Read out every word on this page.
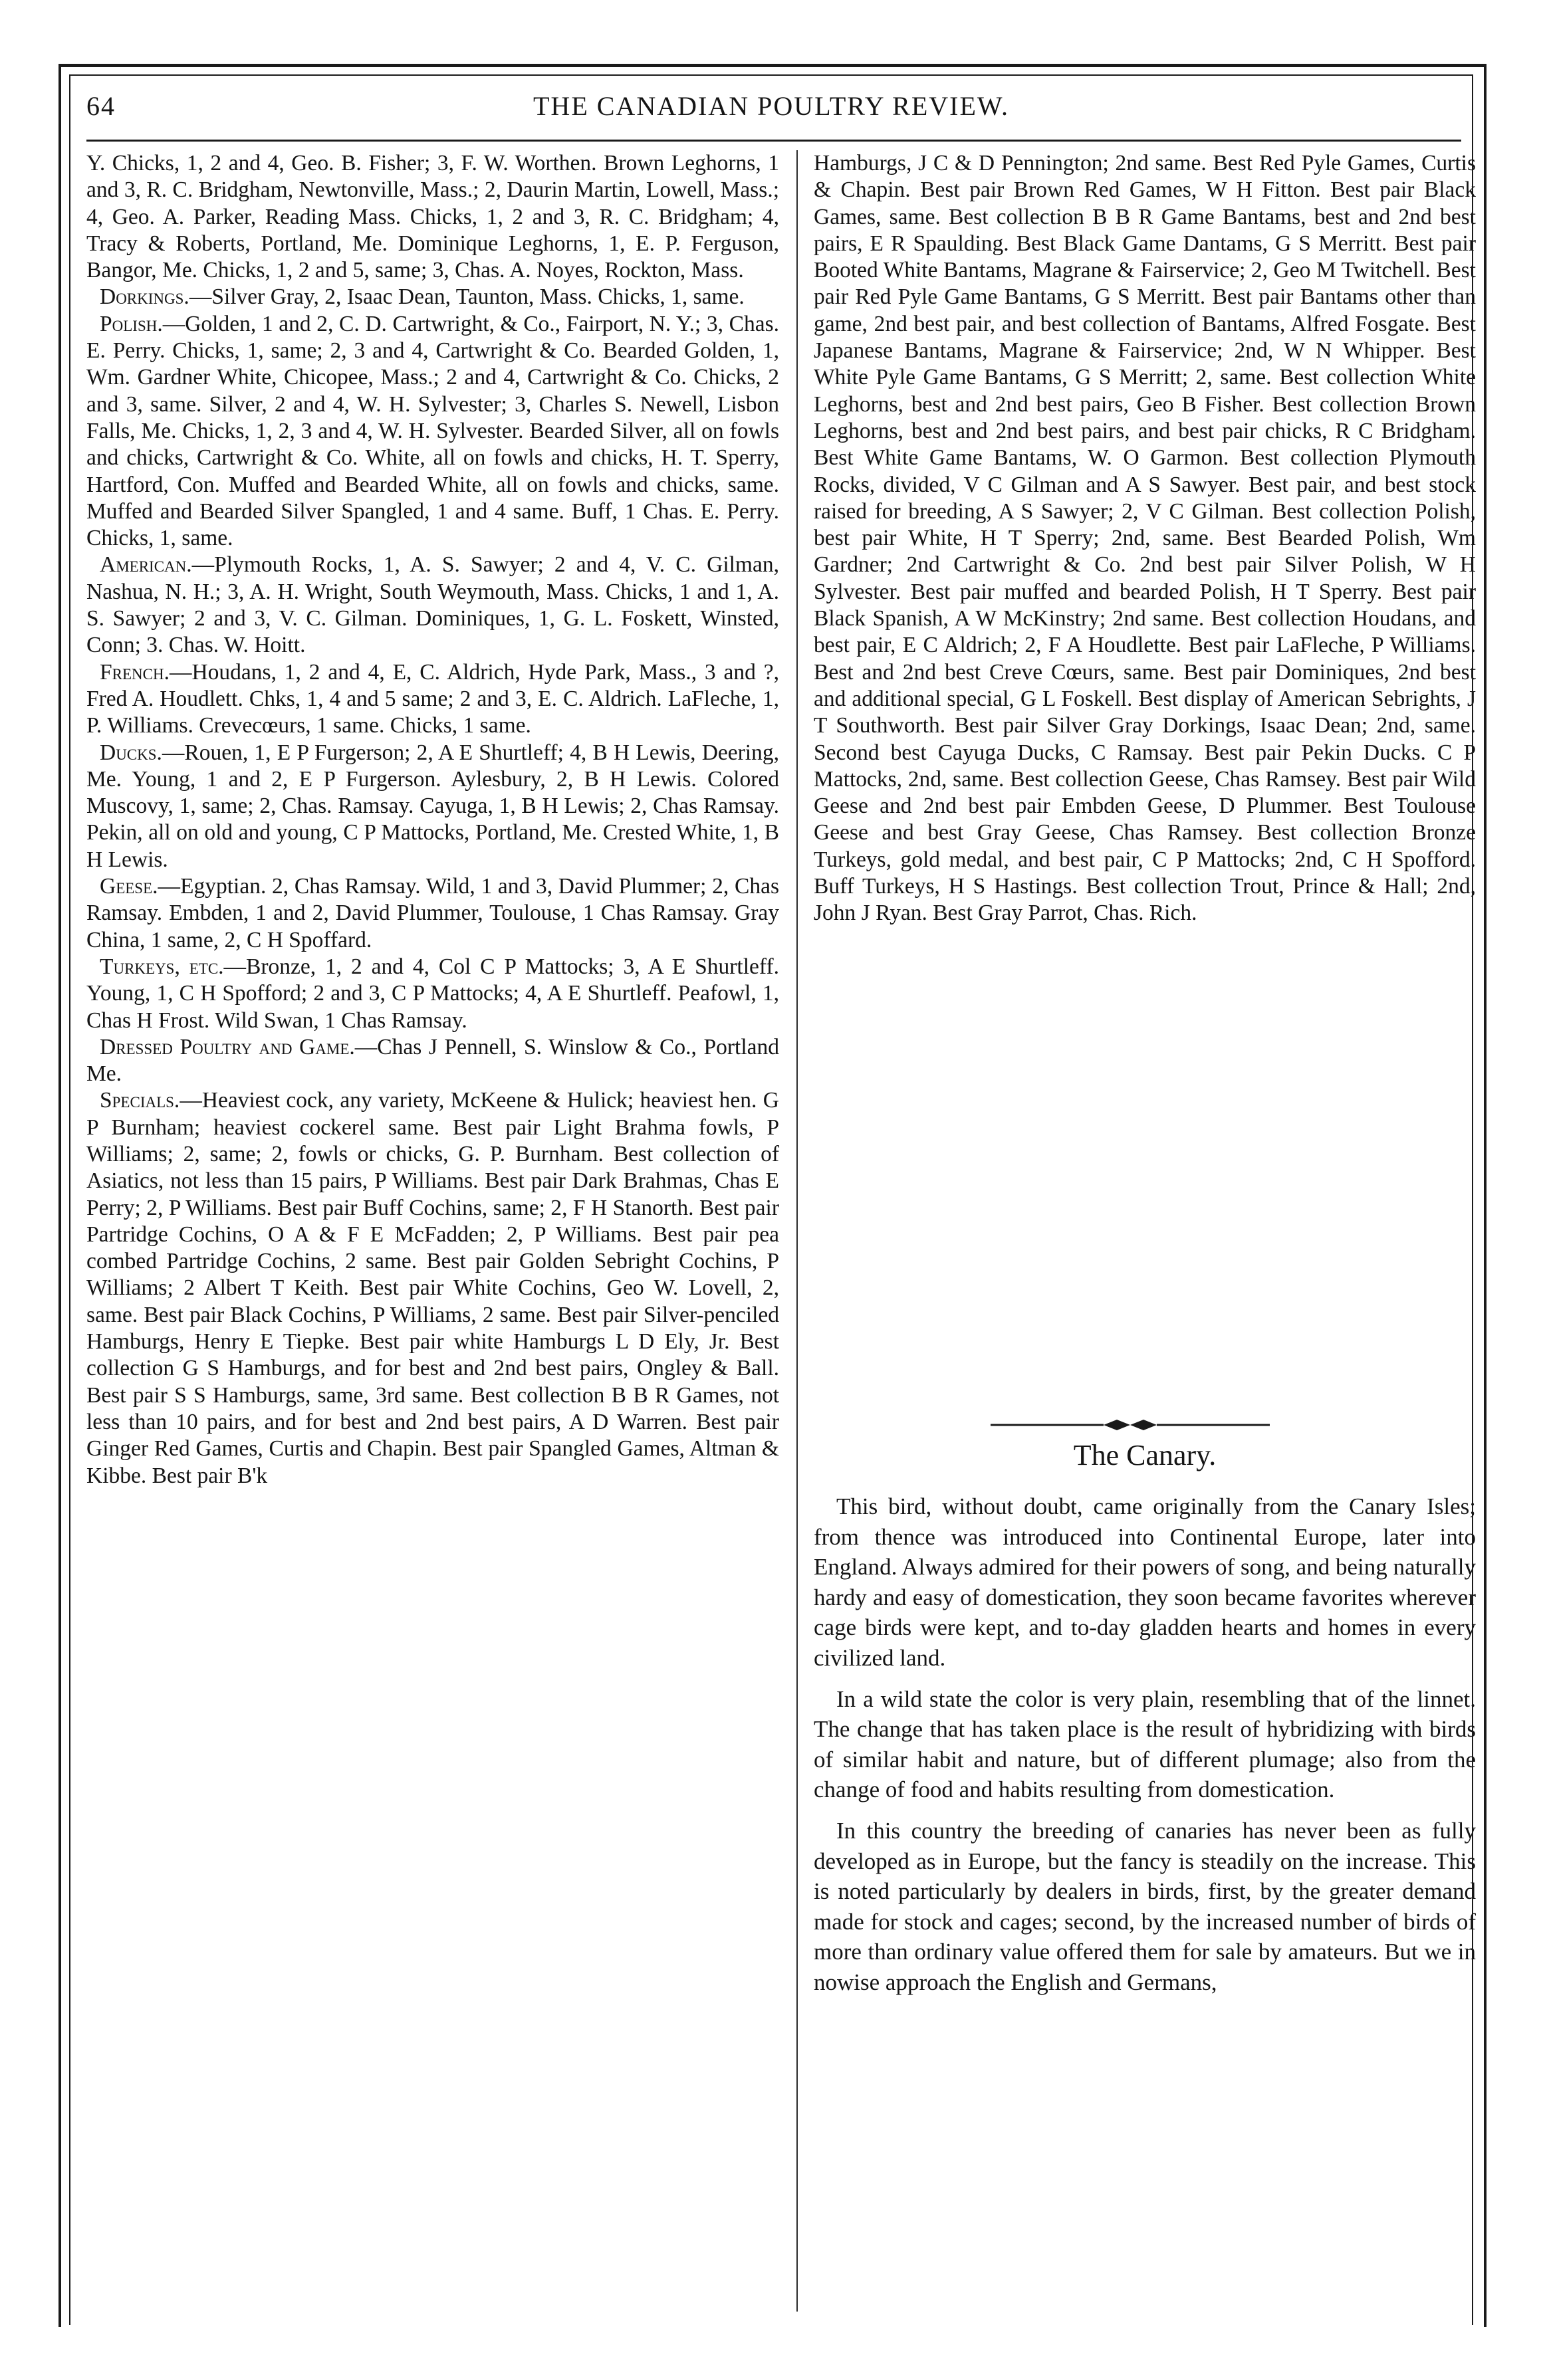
64	THE CANADIAN POULTRY REVIEW.

Y. Chicks, 1, 2 and 4, Geo. B. Fisher; 3, F. W. Worthen. Brown Leghorns, 1 and 3, R. C. Bridgham, Newtonville, Mass.; 2, Daurin Martin, Lowell, Mass.; 4, Geo. A. Parker, Reading Mass. Chicks, 1, 2 and 3, R. C. Bridgham; 4, Tracy & Roberts, Portland, Me. Dominique Leghorns, 1, E. P. Ferguson, Bangor, Me. Chicks, 1, 2 and 5, same; 3, Chas. A. Noyes, Rockton, Mass.

Dorkings.—Silver Gray, 2, Isaac Dean, Taunton, Mass. Chicks, 1, same.

Polish.—Golden, 1 and 2, C. D. Cartwright, & Co., Fairport, N. Y.; 3, Chas. E. Perry. Chicks, 1, same; 2, 3 and 4, Cartwright & Co. Bearded Golden, 1, Wm. Gardner White, Chicopee, Mass.; 2 and 4, Cartwright & Co. Chicks, 2 and 3, same. Silver, 2 and 4, W. H. Sylvester; 3, Charles S. Newell, Lisbon Falls, Me. Chicks, 1, 2, 3 and 4, W. H. Sylvester. Bearded Silver, all on fowls and chicks, Cartwright & Co. White, all on fowls and chicks, H. T. Sperry, Hartford, Con. Muffed and Bearded White, all on fowls and chicks, same. Muffed and Bearded Silver Spangled, 1 and 4 same. Buff, 1 Chas. E. Perry. Chicks, 1, same.

American.—Plymouth Rocks, 1, A. S. Sawyer; 2 and 4, V. C. Gilman, Nashua, N. H.; 3, A. H. Wright, South Weymouth, Mass. Chicks, 1 and 1, A. S. Sawyer; 2 and 3, V. C. Gilman. Dominiques, 1, G. L. Foskett, Winsted, Conn; 3. Chas. W. Hoitt.

French.—Houdans, 1, 2 and 4, E, C. Aldrich, Hyde Park, Mass., 3 and ?, Fred A. Houdlett. Chks, 1, 4 and 5 same; 2 and 3, E. C. Aldrich. LaFleche, 1, P. Williams. Crevecœurs, 1 same. Chicks, 1 same.

Ducks.—Rouen, 1, E P Furgerson; 2, A E Shurtleff; 4, B H Lewis, Deering, Me. Young, 1 and 2, E P Furgerson. Aylesbury, 2, B H Lewis. Colored Muscovy, 1, same; 2, Chas. Ramsay. Cayuga, 1, B H Lewis; 2, Chas Ramsay. Pekin, all on old and young, C P Mattocks, Portland, Me. Crested White, 1, B H Lewis.

Geese.—Egyptian. 2, Chas Ramsay. Wild, 1 and 3, David Plummer; 2, Chas Ramsay. Embden, 1 and 2, David Plummer, Toulouse, 1 Chas Ramsay. Gray China, 1 same, 2, C H Spoffard.

Turkeys, etc.—Bronze, 1, 2 and 4, Col C P Mattocks; 3, A E Shurtleff. Young, 1, C H Spofford; 2 and 3, C P Mattocks; 4, A E Shurtleff. Peafowl, 1, Chas H Frost. Wild Swan, 1 Chas Ramsay.

Dressed Poultry and Game.—Chas J Pennell, S. Winslow & Co., Portland Me.

Specials.—Heaviest cock, any variety, McKeene & Hulick; heaviest hen. G P Burnham; heaviest cockerel same. Best pair Light Brahma fowls, P Williams; 2, same; 2, fowls or chicks, G. P. Burnham. Best collection of Asiatics, not less than 15 pairs, P Williams. Best pair Dark Brahmas, Chas E Perry; 2, P Williams. Best pair Buff Cochins, same; 2, F H Stanorth. Best pair Partridge Cochins, O A & F E McFadden; 2, P Williams. Best pair pea combed Partridge Cochins, 2 same. Best pair Golden Sebright Cochins, P Williams; 2 Albert T Keith. Best pair White Cochins, Geo W. Lovell, 2, same. Best pair Black Cochins, P Williams, 2 same. Best pair Silver-penciled Hamburgs, Henry E Tiepke. Best pair white Hamburgs L D Ely, Jr. Best collection G S Hamburgs, and for best and 2nd best pairs, Ongley & Ball. Best pair S S Hamburgs, same, 3rd same. Best collection B B R Games, not less than 10 pairs, and for best and 2nd best pairs, A D Warren. Best pair Ginger Red Games, Curtis and Chapin. Best pair Spangled Games, Altman & Kibbe. Best pair B'k

Hamburgs, J C & D Pennington; 2nd same. Best Red Pyle Games, Curtis & Chapin. Best pair Brown Red Games, W H Fitton. Best pair Black Games, same. Best collection B B R Game Bantams, best and 2nd best pairs, E R Spaulding. Best Black Game Dantams, G S Merritt. Best pair Booted White Bantams, Magrane & Fairservice; 2, Geo M Twitchell. Best pair Red Pyle Game Bantams, G S Merritt. Best pair Bantams other than game, 2nd best pair, and best collection of Bantams, Alfred Fosgate. Best Japanese Bantams, Magrane & Fairservice; 2nd, W N Whipper. Best White Pyle Game Bantams, G S Merritt; 2, same. Best collection White Leghorns, best and 2nd best pairs, Geo B Fisher. Best collection Brown Leghorns, best and 2nd best pairs, and best pair chicks, R C Bridgham. Best White Game Bantams, W. O Garmon. Best collection Plymouth Rocks, divided, V C Gilman and A S Sawyer. Best pair, and best stock raised for breeding, A S Sawyer; 2, V C Gilman. Best collection Polish, best pair White, H T Sperry; 2nd, same. Best Bearded Polish, Wm Gardner; 2nd Cartwright & Co. 2nd best pair Silver Polish, W H Sylvester. Best pair muffed and bearded Polish, H T Sperry. Best pair Black Spanish, A W McKinstry; 2nd same. Best collection Houdans, and best pair, E C Aldrich; 2, F A Houdlette. Best pair LaFleche, P Williams. Best and 2nd best Creve Cœurs, same. Best pair Dominiques, 2nd best and additional special, G L Foskell. Best display of American Sebrights, J T Southworth. Best pair Silver Gray Dorkings, Isaac Dean; 2nd, same. Second best Cayuga Ducks, C Ramsay. Best pair Pekin Ducks. C P Mattocks, 2nd, same. Best collection Geese, Chas Ramsey. Best pair Wild Geese and 2nd best pair Embden Geese, D Plummer. Best Toulouse Geese and best Gray Geese, Chas Ramsey. Best collection Bronze Turkeys, gold medal, and best pair, C P Mattocks; 2nd, C H Spofford. Buff Turkeys, H S Hastings. Best collection Trout, Prince & Hall; 2nd, John J Ryan. Best Gray Parrot, Chas. Rich.

The Canary.

This bird, without doubt, came originally from the Canary Isles; from thence was introduced into Continental Europe, later into England. Always admired for their powers of song, and being naturally hardy and easy of domestication, they soon became favorites wherever cage birds were kept, and to-day gladden hearts and homes in every civilized land.

In a wild state the color is very plain, resembling that of the linnet. The change that has taken place is the result of hybridizing with birds of similar habit and nature, but of different plumage; also from the change of food and habits resulting from domestication.

In this country the breeding of canaries has never been as fully developed as in Europe, but the fancy is steadily on the increase. This is noted particularly by dealers in birds, first, by the greater demand made for stock and cages; second, by the increased number of birds of more than ordinary value offered them for sale by amateurs. But we in nowise approach the English and Germans,
